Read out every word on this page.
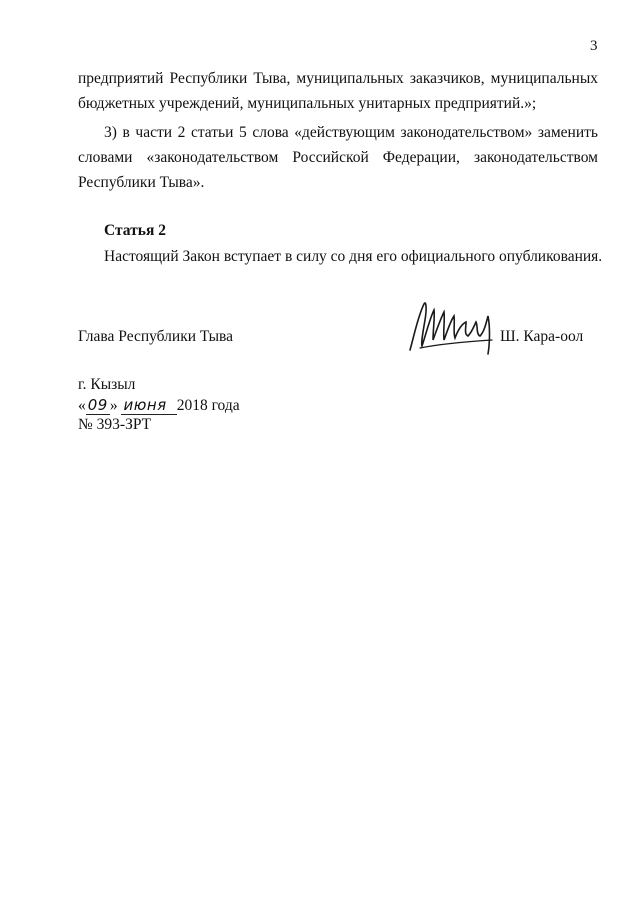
3
предприятий Республики Тыва, муниципальных заказчиков, муниципальных бюджетных учреждений, муниципальных унитарных предприятий.»;
3) в части 2 статьи 5 слова «действующим законодательством» заменить словами «законодательством Российской Федерации, законодательством Республики Тыва».
Статья 2
Настоящий Закон вступает в силу со дня его официального опубликования.
Глава Республики Тыва	Ш. Кара-оол
г. Кызыл
« 09 » июня 2018 года
№ 393-ЗРТ
